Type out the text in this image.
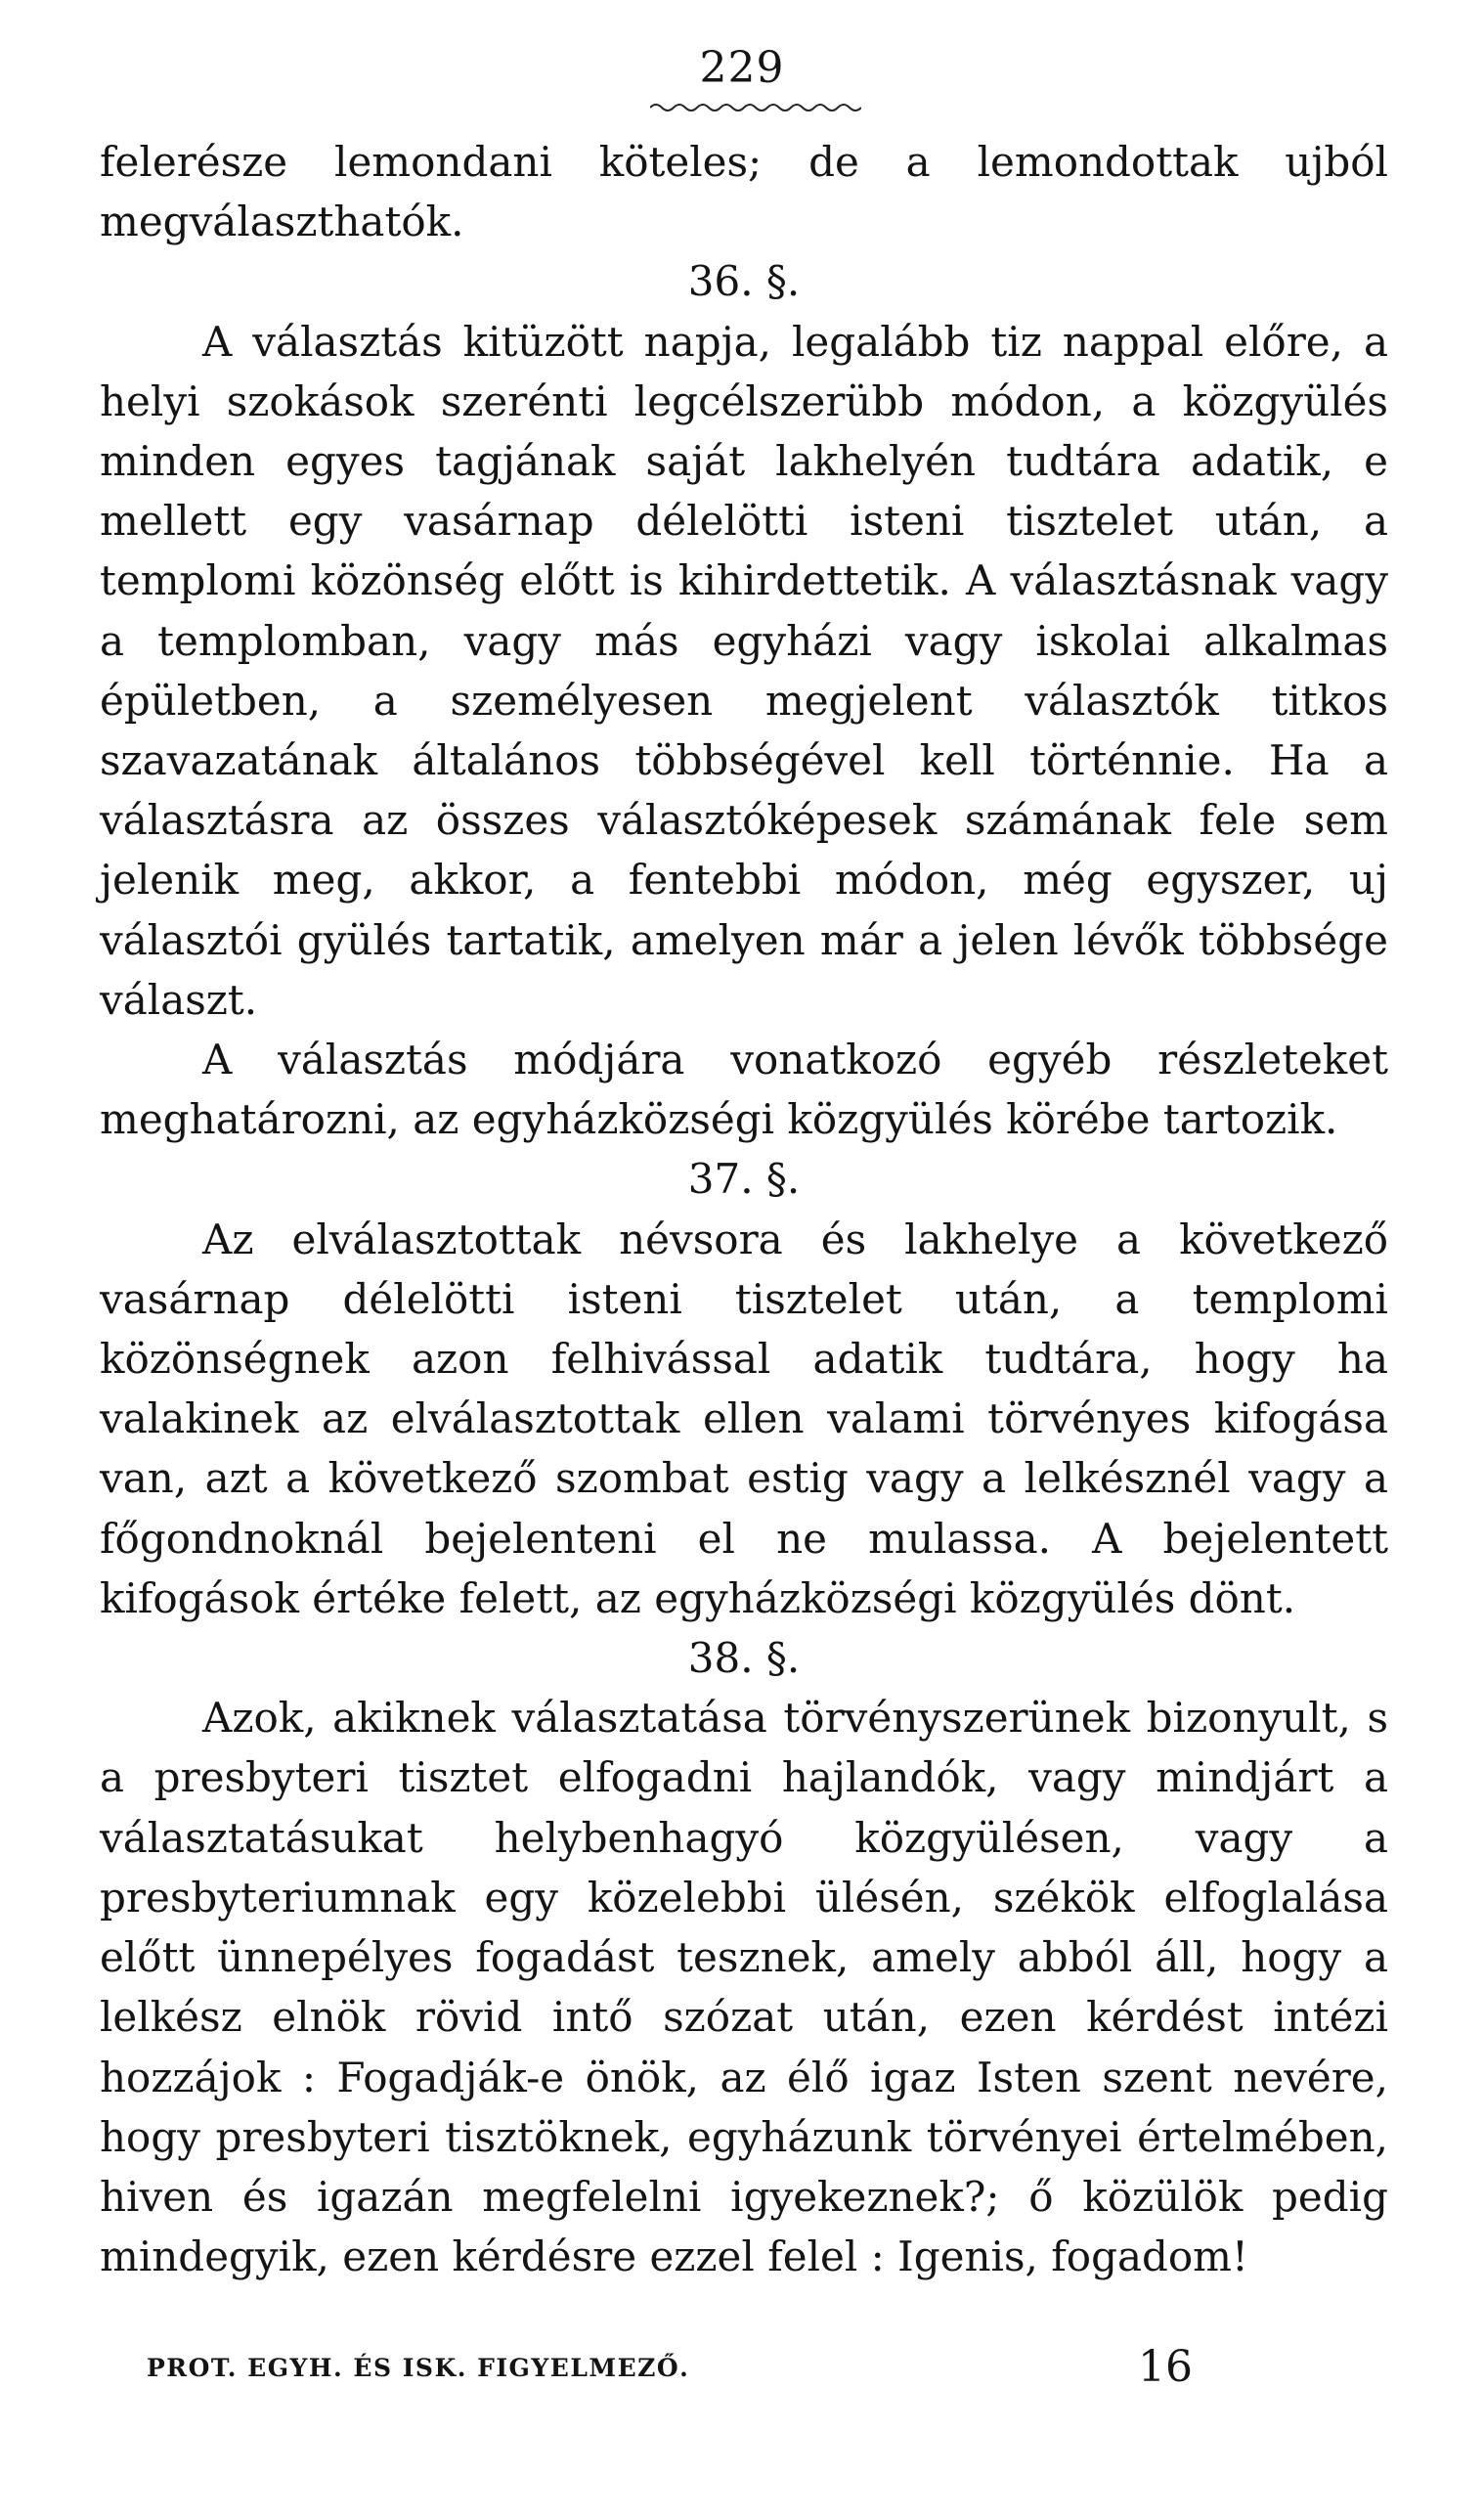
229

felerésze lemondani köteles; de a lemondottak ujból megválaszthatók.

36. §.

A választás kitüzött napja, legalább tiz nappal előre, a helyi szokások szerénti legcélszerübb módon, a közgyülés minden egyes tagjának saját lakhelyén tudtára adatik, e mellett egy vasárnap délelötti isteni tisztelet után, a templomi közönség előtt is kihirdettetik. A választásnak vagy a templomban, vagy más egyházi vagy iskolai alkalmas épületben, a személyesen megjelent választók titkos szavazatának általános többségével kell történnie. Ha a választásra az összes választóképesek számának fele sem jelenik meg, akkor, a fentebbi módon, még egyszer, uj választói gyülés tartatik, amelyen már a jelen lévők többsége választ.

A választás módjára vonatkozó egyéb részleteket meghatározni, az egyházközségi közgyülés körébe tartozik.

37. §.

Az elválasztottak névsora és lakhelye a következő vasárnap délelötti isteni tisztelet után, a templomi közönségnek azon felhivással adatik tudtára, hogy ha valakinek az elválasztottak ellen valami törvényes kifogása van, azt a következő szombat estig vagy a lelkésznél vagy a főgondnoknál bejelenteni el ne mulassa. A bejelentett kifogások értéke felett, az egyházközségi közgyülés dönt.

38. §.

Azok, akiknek választatása törvényszerünek bizonyult, s a presbyteri tisztet elfogadni hajlandók, vagy mindjárt a választatásukat helybenhagyó közgyülésen, vagy a presbyteriumnak egy közelebbi ülésén, székök elfoglalása előtt ünnepélyes fogadást tesznek, amely abból áll, hogy a lelkész elnök rövid intő szózat után, ezen kérdést intézi hozzájok : Fogadják-e önök, az élő igaz Isten szent nevére, hogy presbyteri tisztöknek, egyházunk törvényei értelmében, hiven és igazán megfelelni igyekeznek?; ő közülök pedig mindegyik, ezen kérdésre ezzel felel : Igenis, fogadom!

PROT. EGYH. ÉS ISK. FIGYELMEZŐ.	16
